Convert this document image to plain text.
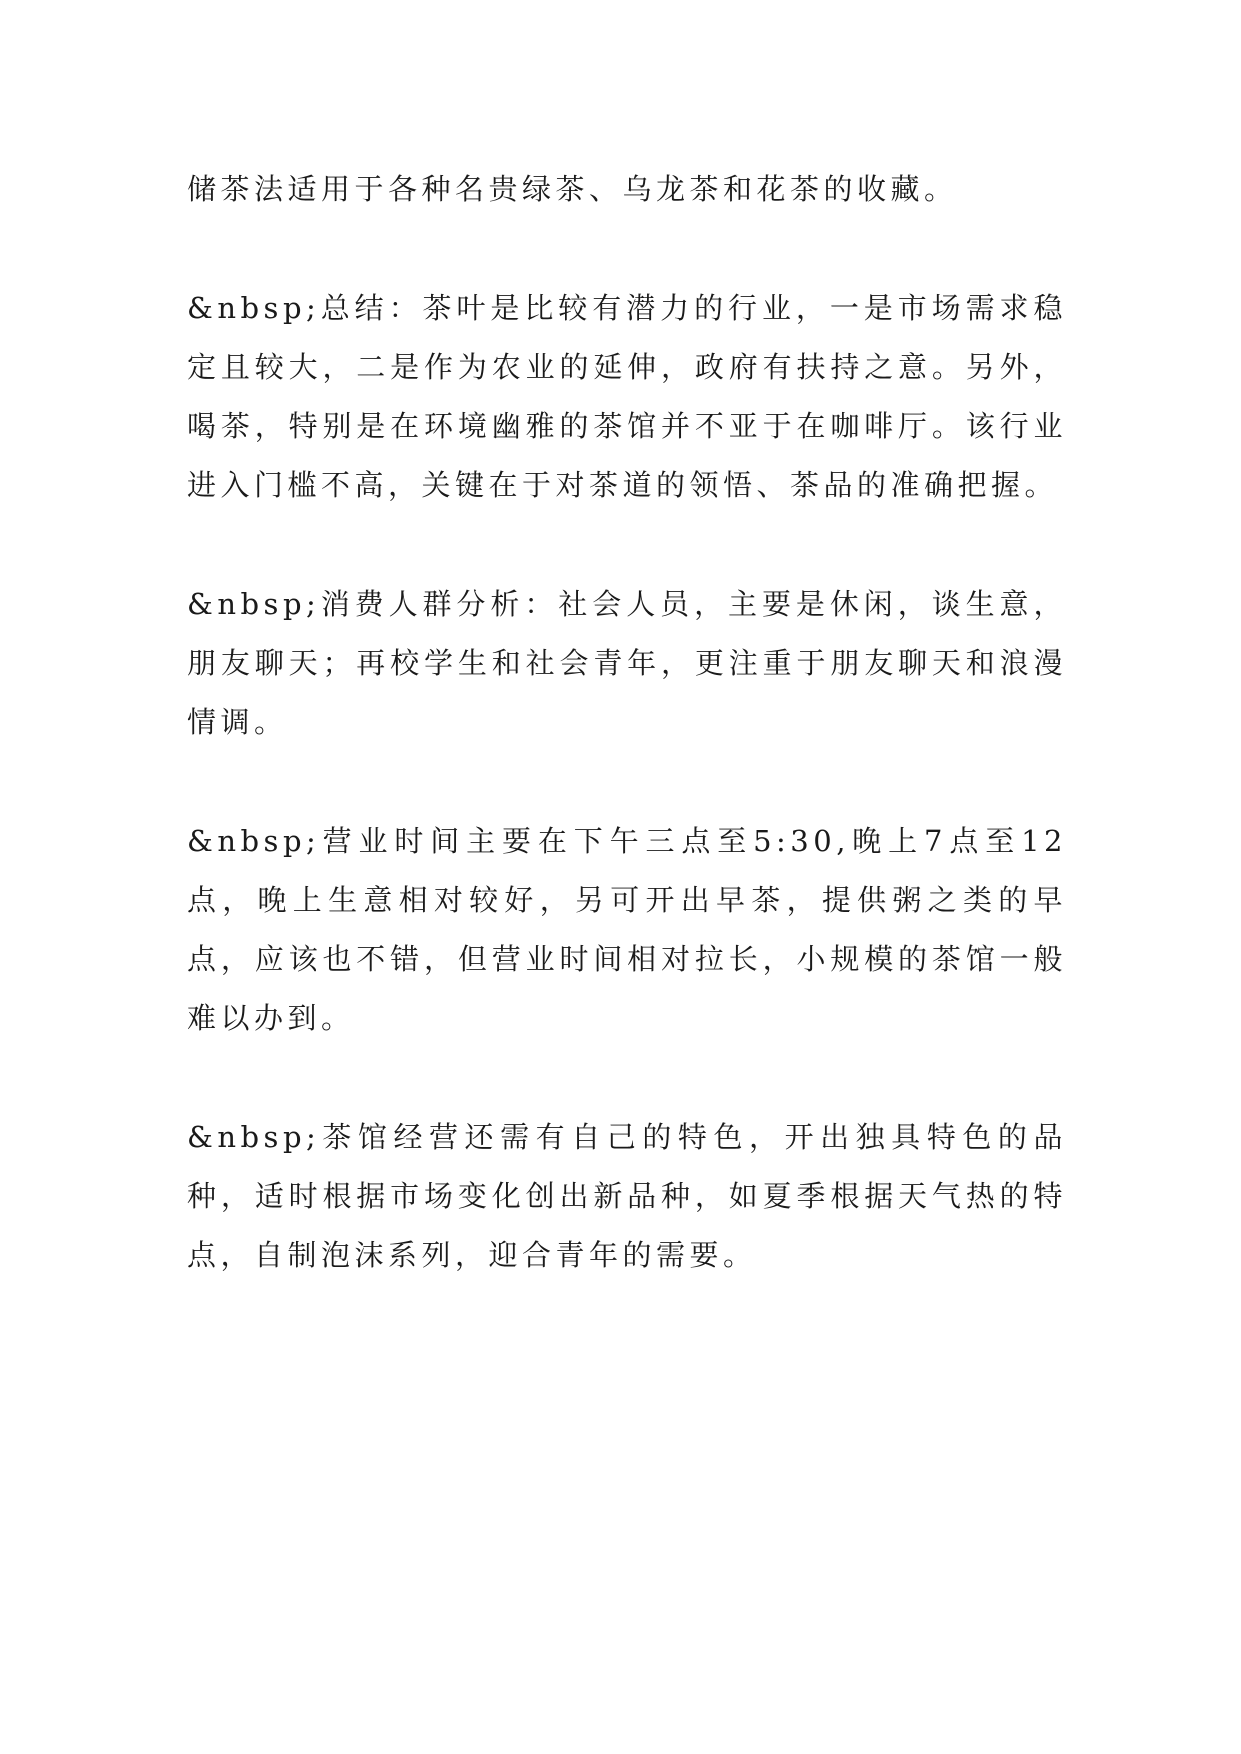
储茶法适用于各种名贵绿茶、乌龙茶和花茶的收藏。

&nbsp;总结：茶叶是比较有潜力的行业，一是市场需求稳定且较大，二是作为农业的延伸，政府有扶持之意。另外，喝茶，特别是在环境幽雅的茶馆并不亚于在咖啡厅。该行业进入门槛不高，关键在于对茶道的领悟、茶品的准确把握。

&nbsp;消费人群分析：社会人员，主要是休闲，谈生意，朋友聊天；再校学生和社会青年，更注重于朋友聊天和浪漫情调。

&nbsp;营业时间主要在下午三点至5:30,晚上7点至12点，晚上生意相对较好，另可开出早茶，提供粥之类的早点，应该也不错，但营业时间相对拉长，小规模的茶馆一般难以办到。

&nbsp;茶馆经营还需有自己的特色，开出独具特色的品种，适时根据市场变化创出新品种，如夏季根据天气热的特点，自制泡沫系列，迎合青年的需要。
